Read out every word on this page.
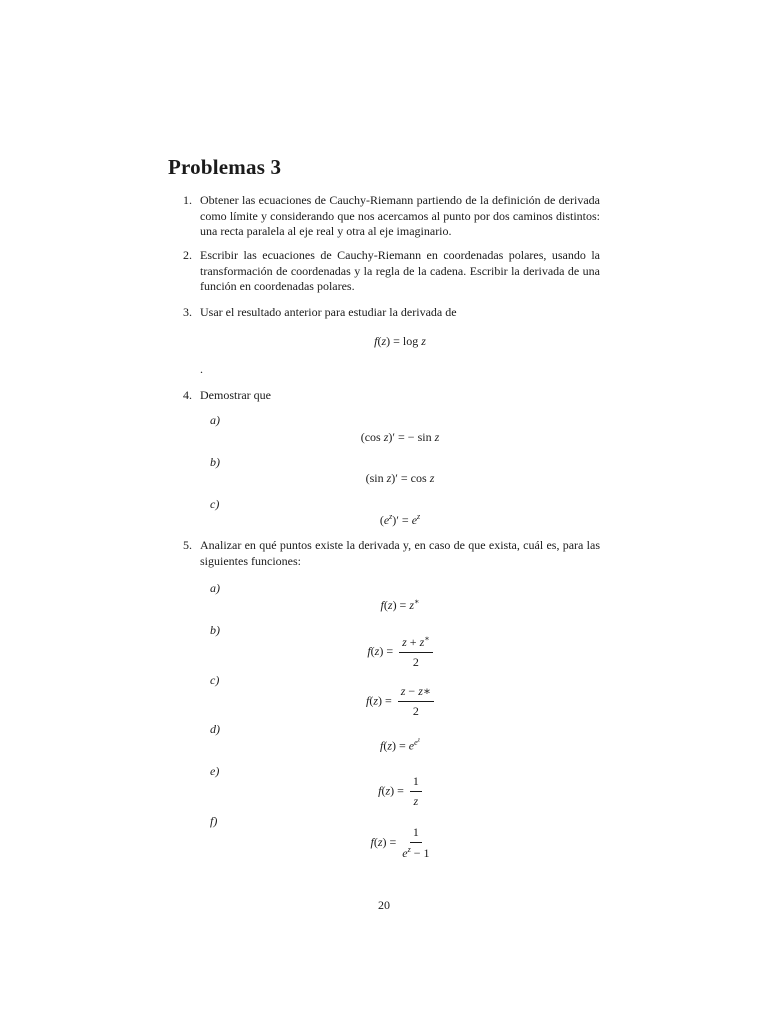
Problemas 3
1. Obtener las ecuaciones de Cauchy-Riemann partiendo de la definición de derivada como límite y considerando que nos acercamos al punto por dos caminos distintos: una recta paralela al eje real y otra al eje imaginario.
2. Escribir las ecuaciones de Cauchy-Riemann en coordenadas polares, usando la transformación de coordenadas y la regla de la cadena. Escribir la derivada de una función en coordenadas polares.
3. Usar el resultado anterior para estudiar la derivada de
f(z) = log z
.
4. Demostrar que
a)
(cos z)′ = − sin z
b)
(sin z)′ = cos z
c)
$(e^z)' = e^z$
5. Analizar en qué puntos existe la derivada y, en caso de que exista, cuál es, para las siguientes funciones:
a)
f(z) = z∗
b)
$f(z) = \frac{z + z^∗}{2}$
c)
$f(z) = \frac{z - z∗}{2}$
d)
$f(z) = e^{e^z}$
e)
$f(z) = \frac{1}{z}$
f)
$f(z) = \frac{1}{e^z - 1}$
20
